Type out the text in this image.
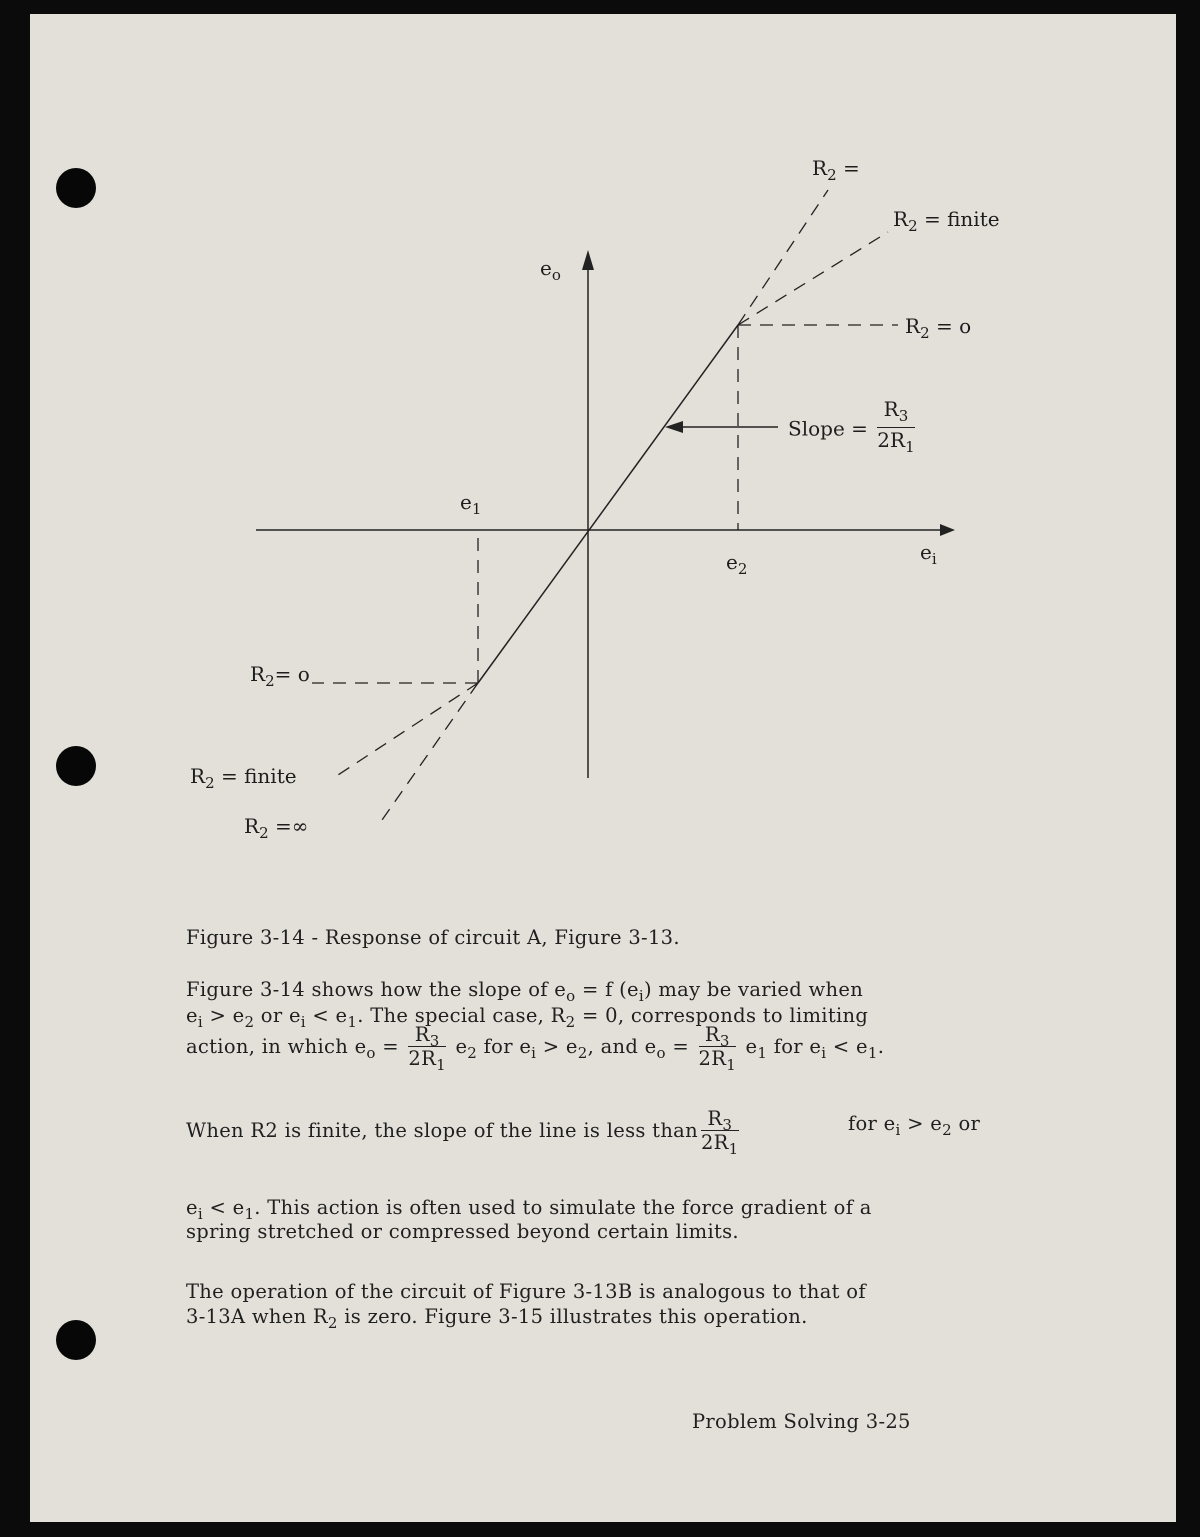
$e_o$
$e_i$
$e_1$
$e_2$
$R_2$ =
$R_2$ = finite
$R_2 = o$
Slope = $\frac{R_3}{2R_1}$
$R_2= o$
$R_2$ = finite
$R_2$ =∞
Figure 3-14 - Response of circuit A, Figure 3-13.
Figure 3-14 shows how the slope of $e_o = f$ $(e_i)$ may be varied when
$e_i > e_2$ or $e_i < e_1$. The special case, $R_2 = 0$, corresponds to limiting
action, in which $e_o = \frac{R_3}{2R_1} e_2$ for $e_i > e_2$, and $e_o = \frac{R_3}{2R_1} e_1$ for $e_i < e_1$.
When R2 is finite, the slope of the line is less than $\frac{R_3}{2R_1}$	for $e_i > e_2$ or
$e_i < e_1$. This action is often used to simulate the force gradient of a
spring stretched or compressed beyond certain limits.
The operation of the circuit of Figure 3-13B is analogous to that of
3-13A when $R_2$ is zero. Figure 3-15 illustrates this operation.
Problem Solving 3-25
